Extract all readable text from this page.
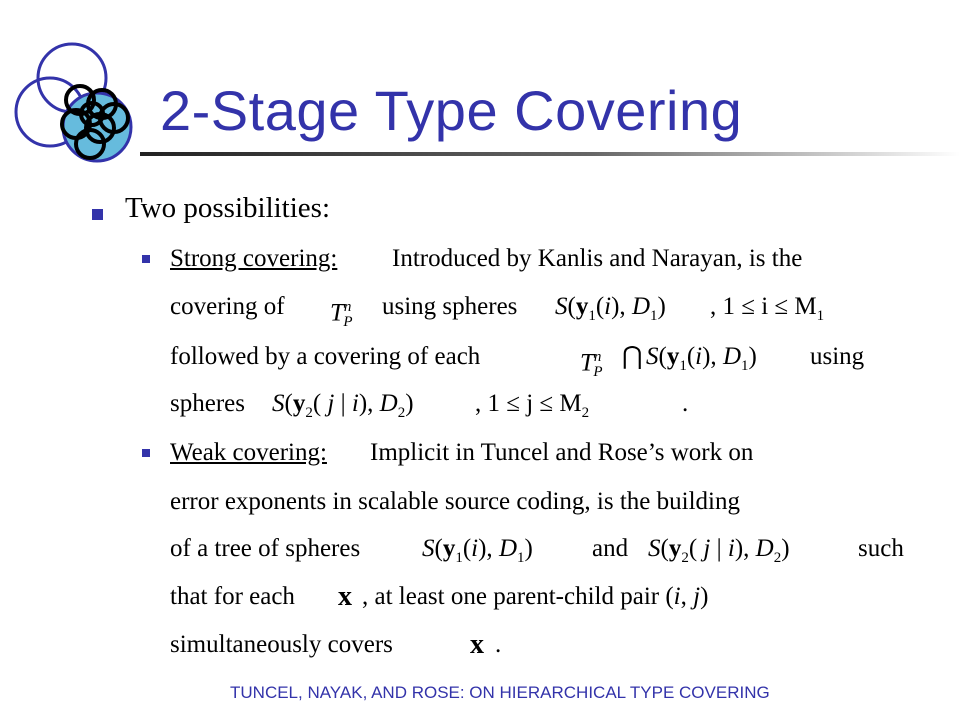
2-Stage Type Covering
Two possibilities:
Strong covering: Introduced by Kanlis and Narayan, is the
covering of $T^n_P$
using spheres $S(y_1(i)$, $D_1$) , $1 \le i \le M_1$
followed by a covering of each	$T^n_P$
⋂ $S(y_1(i)$, $D_1$) using
spheres $S(y_2$( j | i), $D_2$) , $1 \le j \le M_2$	.
Weak covering: Implicit in Tuncel and Rose’s work on
error exponents in scalable source coding, is the building
of a tree of spheres $S(y_1(i)$, $D_1$) and $S(y_2$( j | i), $D_2$)	such
that for each x , at least one parent-child pair (i, j)
simultaneously covers	x .
TUNCEL, NAYAK, AND ROSE: ON HIERARCHICAL TYPE COVERING
